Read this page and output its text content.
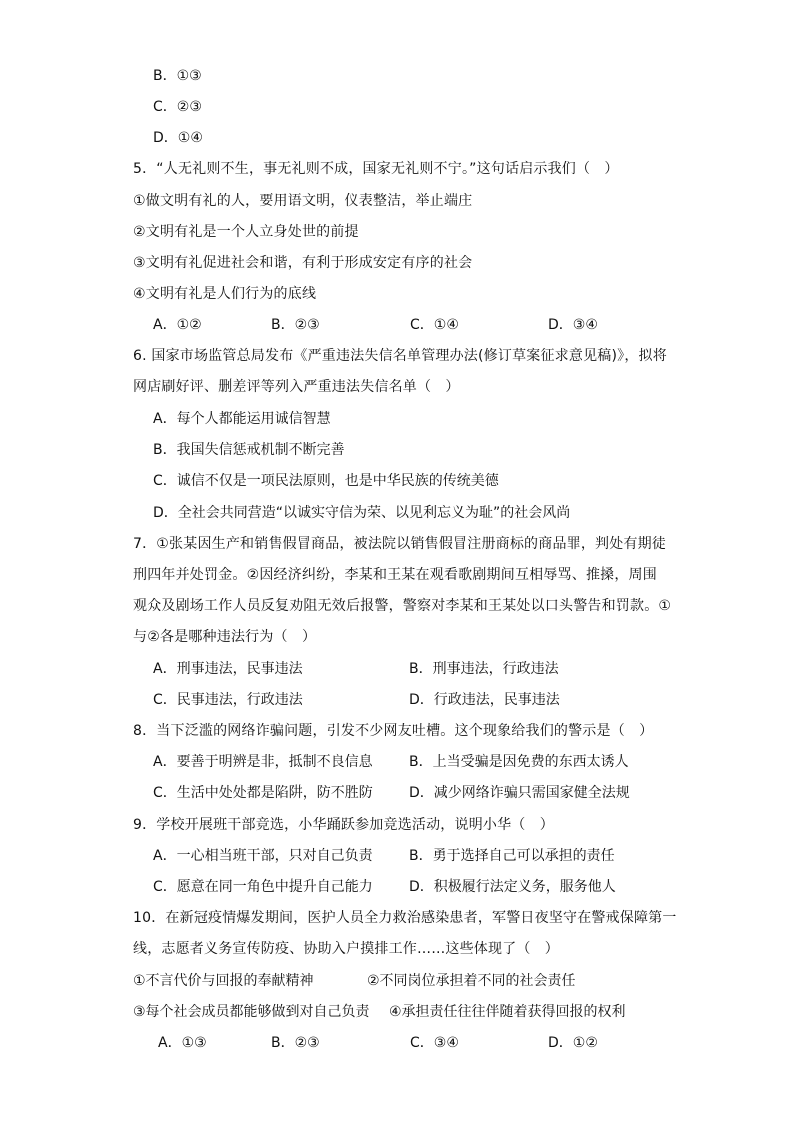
B．①③
C．②③
D．①④
5．“人无礼则不生，事无礼则不成，国家无礼则不宁。”这句话启示我们（　）
①做文明有礼的人，要用语文明，仪表整洁，举止端庄
②文明有礼是一个人立身处世的前提
③文明有礼促进社会和谐，有利于形成安定有序的社会
④文明有礼是人们行为的底线
A．①②	B．②③	C．①④	D．③④
6. 国家市场监管总局发布《严重违法失信名单管理办法(修订草案征求意见稿)》，拟将
网店刷好评、删差评等列入严重违法失信名单（　）
A．每个人都能运用诚信智慧
B．我国失信惩戒机制不断完善
C．诚信不仅是一项民法原则，也是中华民族的传统美德
D．全社会共同营造“以诚实守信为荣、以见利忘义为耻”的社会风尚
7．①张某因生产和销售假冒商品，被法院以销售假冒注册商标的商品罪，判处有期徒
刑四年并处罚金。②因经济纠纷，李某和王某在观看歌剧期间互相辱骂、推搡，周围
观众及剧场工作人员反复劝阻无效后报警，警察对李某和王某处以口头警告和罚款。①
与②各是哪种违法行为（　）
A．刑事违法，民事违法	B．刑事违法，行政违法
C．民事违法，行政违法	D．行政违法，民事违法
8．当下泛滥的网络诈骗问题，引发不少网友吐槽。这个现象给我们的警示是（　）
A．要善于明辨是非，抵制不良信息	B．上当受骗是因免费的东西太诱人
C．生活中处处都是陷阱，防不胜防	D．减少网络诈骗只需国家健全法规
9．学校开展班干部竞选，小华踊跃参加竞选活动，说明小华（　）
A．一心相当班干部，只对自己负责	B．勇于选择自己可以承担的责任
C．愿意在同一角色中提升自己能力	D．积极履行法定义务，服务他人
10．在新冠疫情爆发期间，医护人员全力救治感染患者，军警日夜坚守在警戒保障第一
线，志愿者义务宣传防疫、协助入户摸排工作……这些体现了（　）
①不言代价与回报的奉献精神	②不同岗位承担着不同的社会责任
③每个社会成员都能够做到对自己负责 ④承担责任往往伴随着获得回报的权利
A．①③	B．②③	C．③④	D．①②
